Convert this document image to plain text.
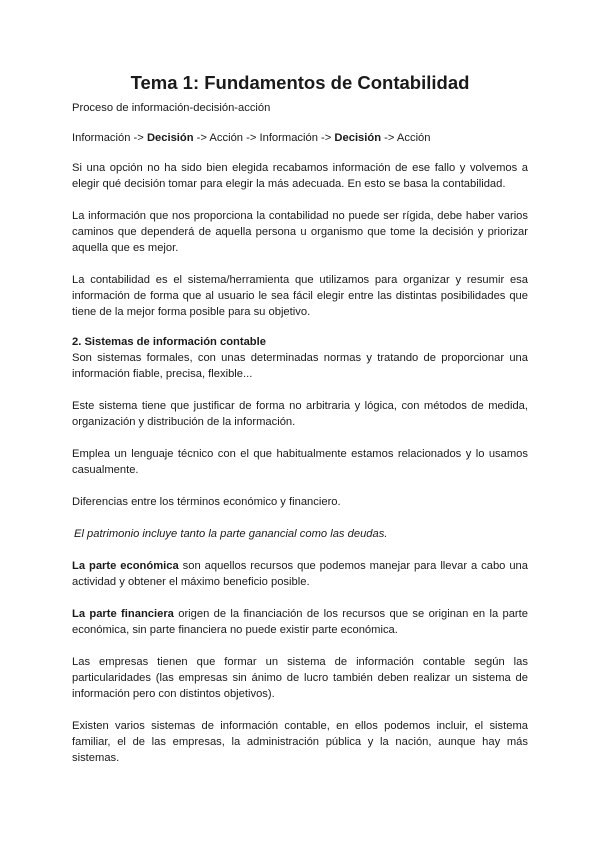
Tema 1: Fundamentos de Contabilidad

Proceso de información-decisión-acción

Información -> Decisión -> Acción -> Información -> Decisión -> Acción

Si una opción no ha sido bien elegida recabamos información de ese fallo y volvemos a elegir qué decisión tomar para elegir la más adecuada. En esto se basa la contabilidad.

La información que nos proporciona la contabilidad no puede ser rígida, debe haber varios caminos que dependerá de aquella persona u organismo que tome la decisión y priorizar aquella que es mejor.

La contabilidad es el sistema/herramienta que utilizamos para organizar y resumir esa información de forma que al usuario le sea fácil elegir entre las distintas posibilidades que tiene de la mejor forma posible para su objetivo.

2. Sistemas de información contable

Son sistemas formales, con unas determinadas normas y tratando de proporcionar una información fiable, precisa, flexible...

Este sistema tiene que justificar de forma no arbitraria y lógica, con métodos de medida, organización y distribución de la información.

Emplea un lenguaje técnico con el que habitualmente estamos relacionados y lo usamos casualmente.

Diferencias entre los términos económico y financiero.

El patrimonio incluye tanto la parte ganancial como las deudas.

La parte económica son aquellos recursos que podemos manejar para llevar a cabo una actividad y obtener el máximo beneficio posible.

La parte financiera origen de la financiación de los recursos que se originan en la parte económica, sin parte financiera no puede existir parte económica.

Las empresas tienen que formar un sistema de información contable según las particularidades (las empresas sin ánimo de lucro también deben realizar un sistema de información pero con distintos objetivos).

Existen varios sistemas de información contable, en ellos podemos incluir, el sistema familiar, el de las empresas, la administración pública y la nación, aunque hay más sistemas.
